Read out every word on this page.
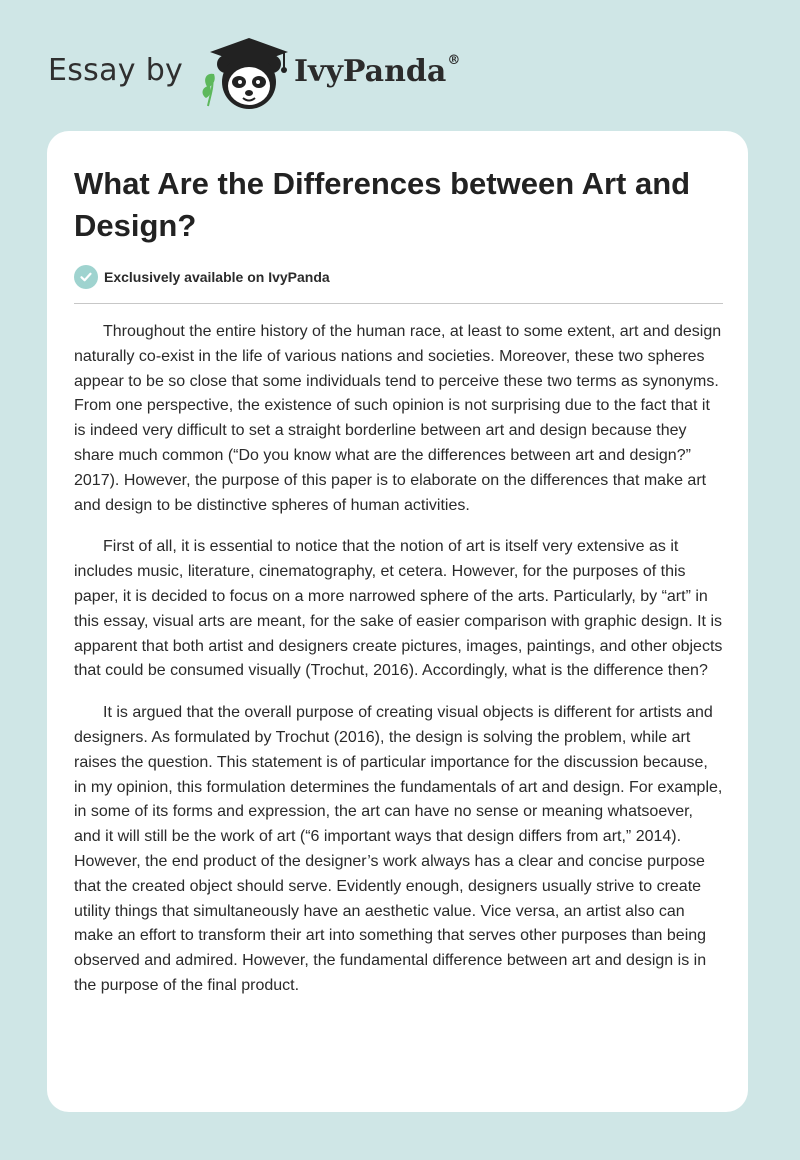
Essay by	IvyPanda®
What Are the Differences between Art and Design?
Exclusively available on IvyPanda

Throughout the entire history of the human race, at least to some extent, art and design naturally co-exist in the life of various nations and societies. Moreover, these two spheres appear to be so close that some individuals tend to perceive these two terms as synonyms. From one perspective, the existence of such opinion is not surprising due to the fact that it is indeed very difficult to set a straight borderline between art and design because they share much common (“Do you know what are the differences between art and design?” 2017). However, the purpose of this paper is to elaborate on the differences that make art and design to be distinctive spheres of human activities.

First of all, it is essential to notice that the notion of art is itself very extensive as it includes music, literature, cinematography, et cetera. However, for the purposes of this paper, it is decided to focus on a more narrowed sphere of the arts. Particularly, by “art” in this essay, visual arts are meant, for the sake of easier comparison with graphic design. It is apparent that both artist and designers create pictures, images, paintings, and other objects that could be consumed visually (Trochut, 2016). Accordingly, what is the difference then?

It is argued that the overall purpose of creating visual objects is different for artists and designers. As formulated by Trochut (2016), the design is solving the problem, while art raises the question. This statement is of particular importance for the discussion because, in my opinion, this formulation determines the fundamentals of art and design. For example, in some of its forms and expression, the art can have no sense or meaning whatsoever, and it will still be the work of art (“6 important ways that design differs from art,” 2014). However, the end product of the designer’s work always has a clear and concise purpose that the created object should serve. Evidently enough, designers usually strive to create utility things that simultaneously have an aesthetic value. Vice versa, an artist also can make an effort to transform their art into something that serves other purposes than being observed and admired. However, the fundamental difference between art and design is in the purpose of the final product.
